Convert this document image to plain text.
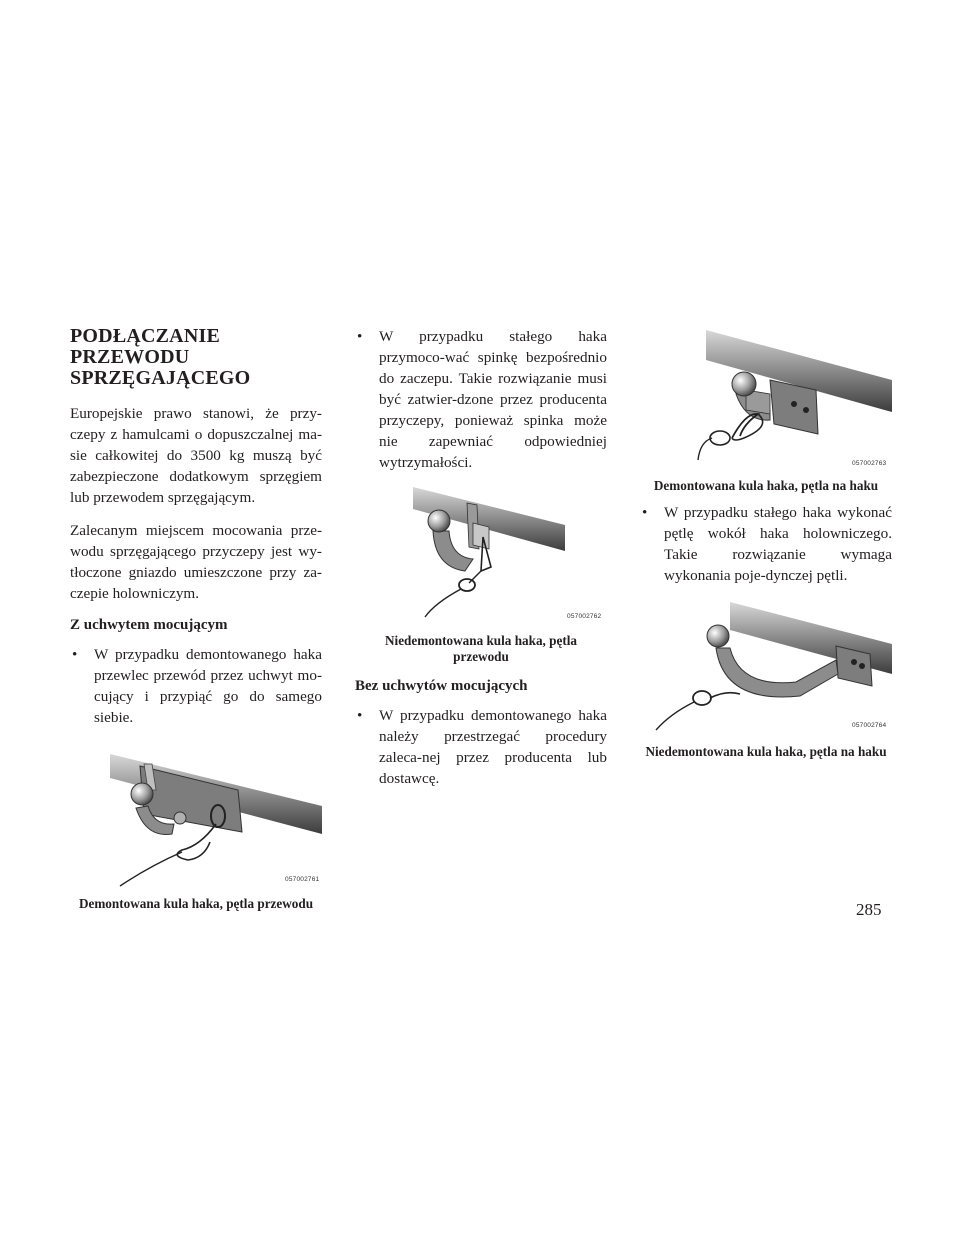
PODŁĄCZANIE
PRZEWODU
SPRZĘGAJĄCEGO

Europejskie prawo stanowi, że przy-czepy z hamulcami o dopuszczalnej ma-sie całkowitej do 3500 kg muszą być zabezpieczone dodatkowym sprzęgiem lub przewodem sprzęgającym.

Zalecanym miejscem mocowania prze-wodu sprzęgającego przyczepy jest wy-tłoczone gniazdo umieszczone przy za-czepie holowniczym.

Z uchwytem mocującym
• W przypadku demontowanego haka przewlec przewód przez uchwyt mo-cujący i przypiąć go do samego siebie.
057002761
Demontowana kula haka, pętla przewodu
• W przypadku stałego haka przymoco-wać spinkę bezpośrednio do zaczepu. Takie rozwiązanie musi być zatwier-dzone przez producenta przyczepy, ponieważ spinka może nie zapewniać odpowiedniej wytrzymałości.
057002762
Niedemontowana kula haka, pętla przewodu
Bez uchwytów mocujących
• W przypadku demontowanego haka należy przestrzegać procedury zaleca-nej przez producenta lub dostawcę.
057002763
Demontowana kula haka, pętla na haku
• W przypadku stałego haka wykonać pętlę wokół haka holowniczego. Takie rozwiązanie wymaga wykonania poje-dynczej pętli.
057002764
Niedemontowana kula haka, pętla na haku
285
